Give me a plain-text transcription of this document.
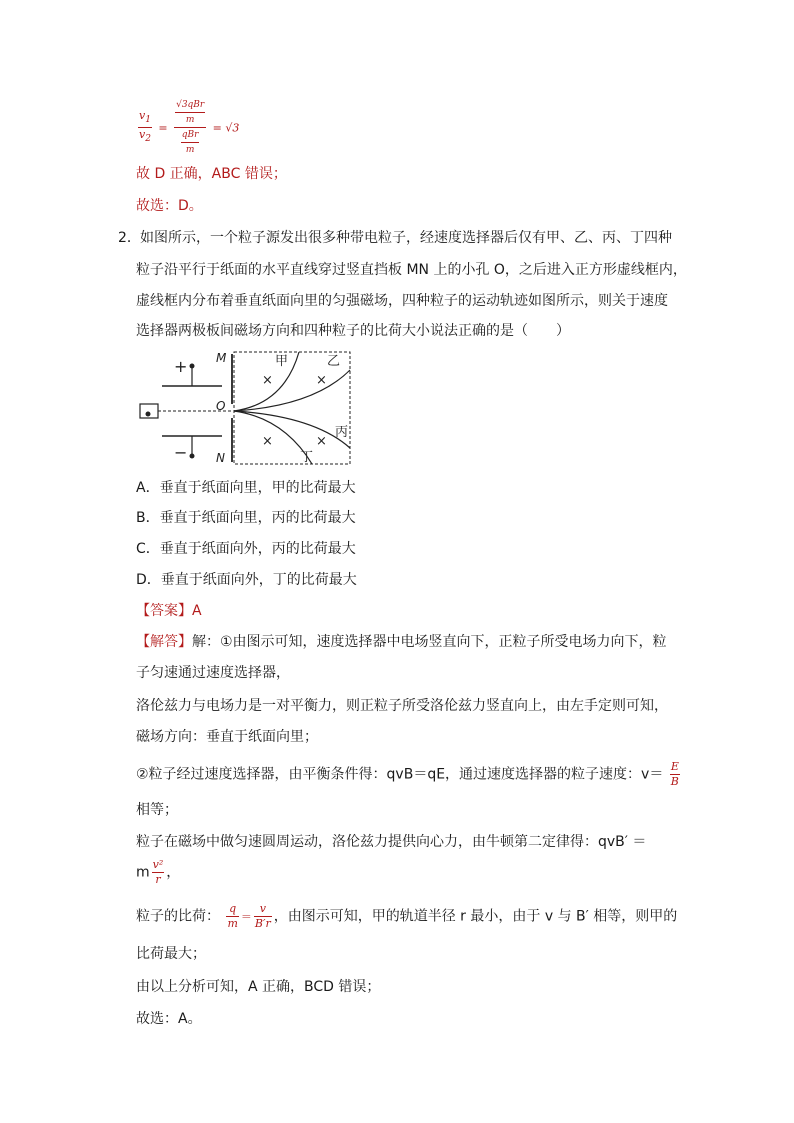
$\frac{v_1}{v_2} = \frac{\frac{\text{√3qBr}}{m}}{\frac{\text{qBr}}{m}} = √3$
故 D 正确，ABC 错误；
故选：D。
2． 如图所示，一个粒子源发出很多种带电粒子，经速度选择器后仅有甲、乙、丙、丁四种
粒子沿平行于纸面的水平直线穿过竖直挡板 MN 上的小孔 O，之后进入正方形虚线框内，
虚线框内分布着垂直纸面向里的匀强磁场，四种粒子的运动轨迹如图所示，则关于速度
选择器两极板间磁场方向和四种粒子的比荷大小说法正确的是（　　）
+
−
M
O
N
×	×
×	×
甲	乙
丙
丁
A．垂直于纸面向里，甲的比荷最大
B．垂直于纸面向里，丙的比荷最大
C．垂直于纸面向外，丙的比荷最大
D．垂直于纸面向外，丁的比荷最大
【答案】A
【解答】解：①由图示可知，速度选择器中电场竖直向下，正粒子所受电场力向下，粒
子匀速通过速度选择器，
洛伦兹力与电场力是一对平衡力，则正粒子所受洛伦兹力竖直向上，由左手定则可知，
磁场方向：垂直于纸面向里；
②粒子经过速度选择器，由平衡条件得：qvB＝qE，通过速度选择器的粒子速度：$v= \frac{E}{B}$
相等；
粒子在磁场中做匀速圆周运动，洛伦兹力提供向心力，由牛顿第二定律得：qvB′ ＝
m $\frac{\text{v²}}{r}$ ，
粒子的比荷： $\frac{q}{m} = \frac{v}{B'r}$ ，由图示可知，甲的轨道半径 r 最小，由于 v 与 B′ 相等，则甲的
比荷最大；
由以上分析可知，A 正确，BCD 错误；
故选：A。
